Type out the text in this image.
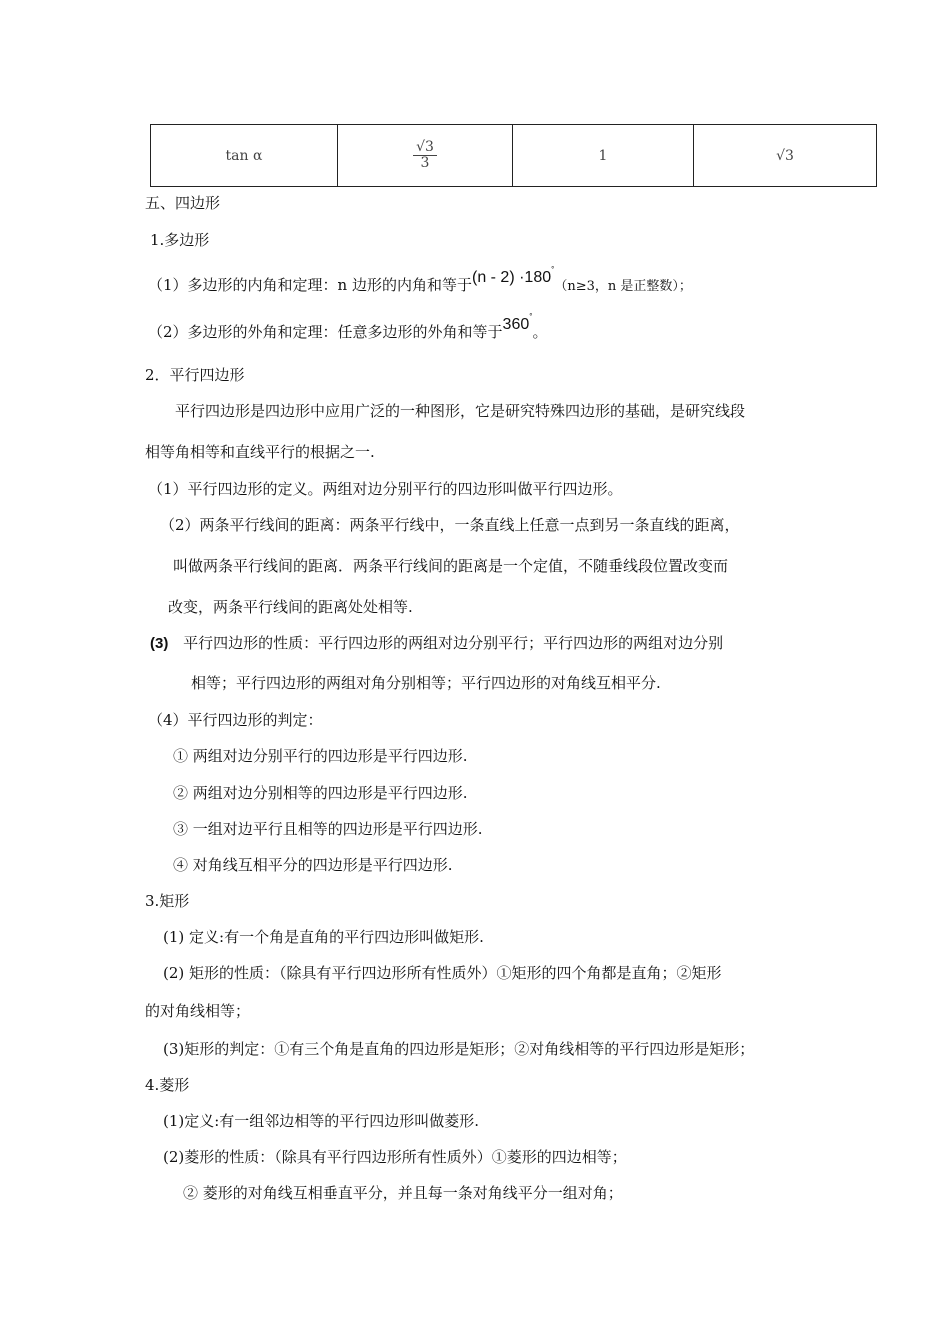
tan α	$\frac{√3}{3}$	1	√3
五、四边形
1.多边形
（1）多边形的内角和定理：n 边形的内角和等于(n - 2) ·180°（n≥3，n 是正整数）；
（2）多边形的外角和定理：任意多边形的外角和等于360°。
2．平行四边形
平行四边形是四边形中应用广泛的一种图形，它是研究特殊四边形的基础，是研究线段
相等角相等和直线平行的根据之一.
（1）平行四边形的定义。两组对边分别平行的四边形叫做平行四边形。
（2）两条平行线间的距离：两条平行线中，一条直线上任意一点到另一条直线的距离，
叫做两条平行线间的距离．两条平行线间的距离是一个定值，不随垂线段位置改变而
改变，两条平行线间的距离处处相等.
(3) 平行四边形的性质：平行四边形的两组对边分别平行；平行四边形的两组对边分别
相等；平行四边形的两组对角分别相等；平行四边形的对角线互相平分.
（4）平行四边形的判定：
① 两组对边分别平行的四边形是平行四边形.
② 两组对边分别相等的四边形是平行四边形.
③ 一组对边平行且相等的四边形是平行四边形.
④ 对角线互相平分的四边形是平行四边形.
3.矩形
(1) 定义:有一个角是直角的平行四边形叫做矩形.
(2) 矩形的性质：（除具有平行四边形所有性质外）①矩形的四个角都是直角；②矩形
的对角线相等；
(3)矩形的判定：①有三个角是直角的四边形是矩形；②对角线相等的平行四边形是矩形；
4.菱形
(1)定义:有一组邻边相等的平行四边形叫做菱形.
(2)菱形的性质：（除具有平行四边形所有性质外）①菱形的四边相等；
② 菱形的对角线互相垂直平分，并且每一条对角线平分一组对角；
